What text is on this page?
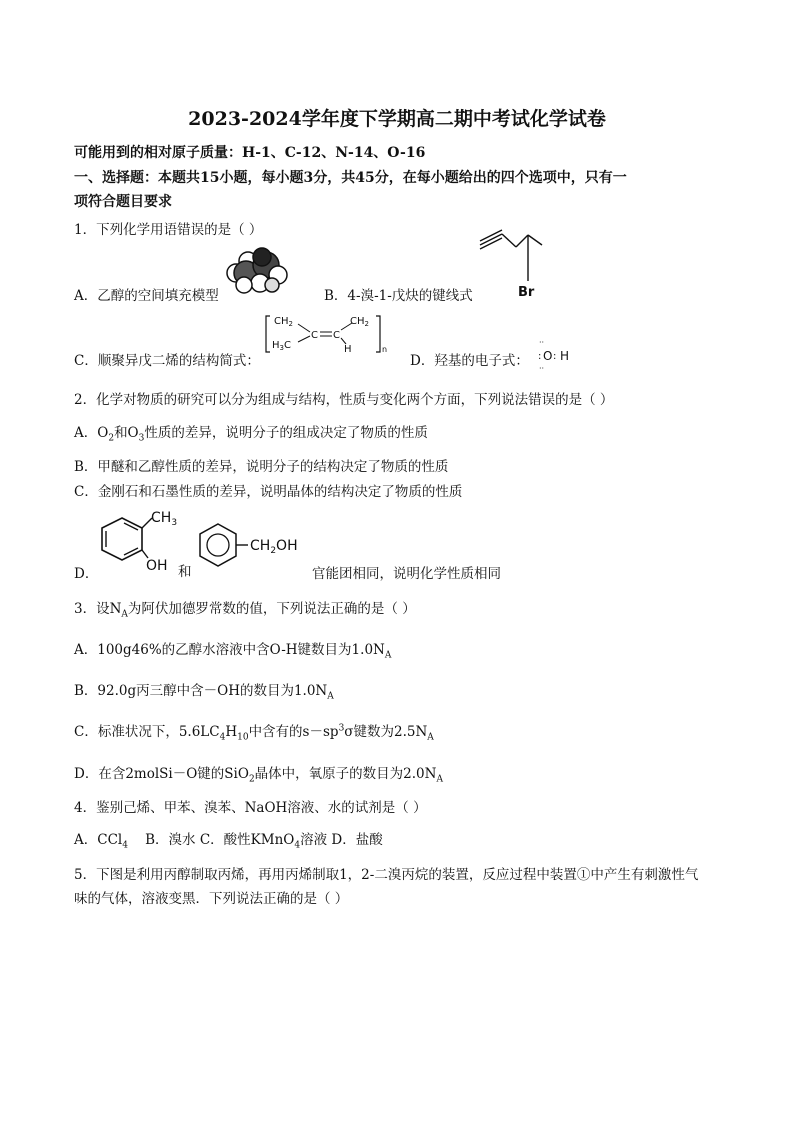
2023-2024学年度下学期高二期中考试化学试卷
可能用到的相对原子质量：H-1、C-12、N-14、O-16
一、选择题：本题共15小题，每小题3分，共45分，在每小题给出的四个选项中，只有一
项符合题目要求
1．下列化学用语错误的是（ ）
A．乙醇的空间填充模型	B．4-溴-1-戊炔的键线式	Br
C．顺聚异戊二烯的结构简式：
$CH_2$
$H_3C$
C C
$CH_2$
H	n
D．羟基的电子式：
··
: O :
··
H
2．化学对物质的研究可以分为组成与结构，性质与变化两个方面，下列说法错误的是（ ）
A．$O_2$和$O_3$性质的差异，说明分子的组成决定了物质的性质
B．甲醚和乙醇性质的差异，说明分子的结构决定了物质的性质
C．金刚石和石墨性质的差异，说明晶体的结构决定了物质的性质
D．
$CH_3$
OH 和
$CH_2OH$
官能团相同，说明化学性质相同
3．设$N_A$为阿伏加德罗常数的值，下列说法正确的是（ ）
A．100g46%的乙醇水溶液中含O-H键数目为$1.0N_A$
B．92.0g丙三醇中含－OH的数目为$1.0N_A$
C．标准状况下，$5.6LC_4H_{10}$中含有的$s-sp^3\sigma$键数为$2.5N_A$
D．在含2molSi－O键的SiO$_2$晶体中，氧原子的数目为$2.0N_A$
4．鉴别己烯、甲苯、溴苯、NaOH溶液、水的试剂是（ ）
A．CCl$_4$    B．溴水 C．酸性KMnO$_4$溶液 D．盐酸
5．下图是利用丙醇制取丙烯，再用丙烯制取1，2-二溴丙烷的装置，反应过程中装置①中产生有刺激性气
味的气体，溶液变黑．下列说法正确的是（ ）
